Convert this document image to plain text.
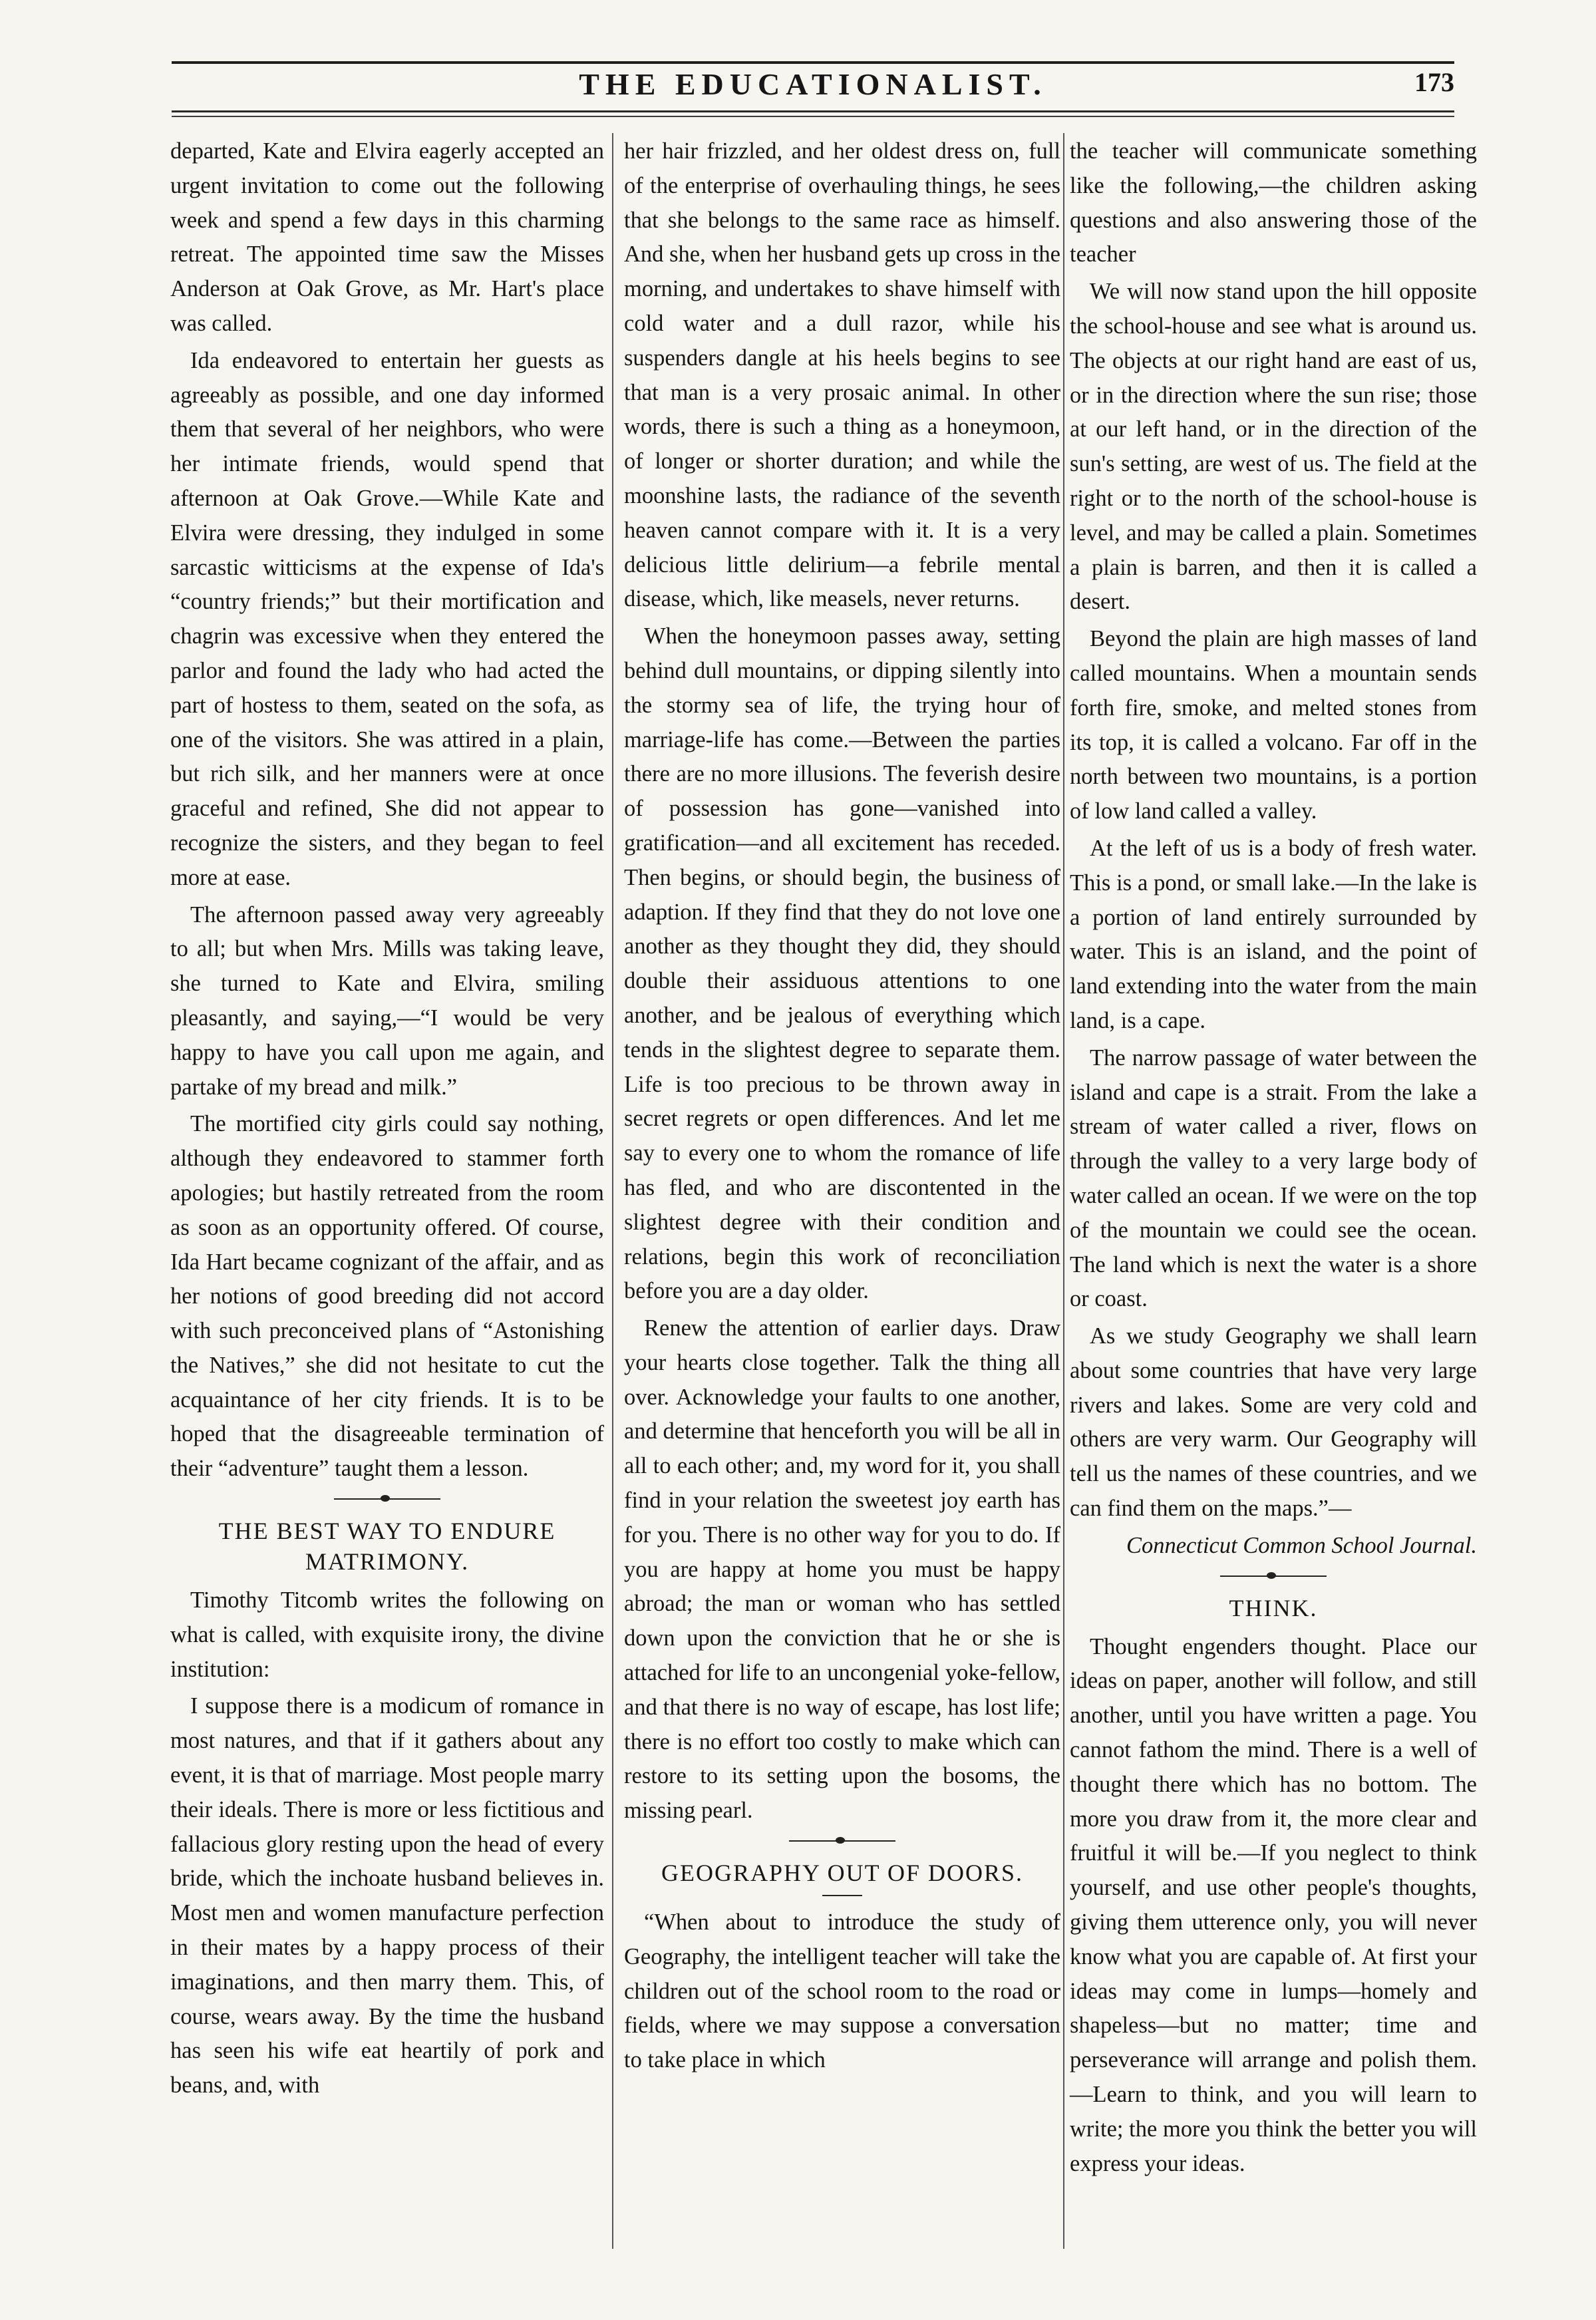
THE EDUCATIONALIST.	173

departed, Kate and Elvira eagerly accepted an urgent invitation to come out the following week and spend a few days in this charming retreat. The appointed time saw the Misses Anderson at Oak Grove, as Mr. Hart's place was called.

Ida endeavored to entertain her guests as agreeably as possible, and one day informed them that several of her neighbors, who were her intimate friends, would spend that afternoon at Oak Grove.—While Kate and Elvira were dressing, they indulged in some sarcastic witticisms at the expense of Ida's “country friends;” but their mortification and chagrin was excessive when they entered the parlor and found the lady who had acted the part of hostess to them, seated on the sofa, as one of the visitors. She was attired in a plain, but rich silk, and her manners were at once graceful and refined, She did not appear to recognize the sisters, and they began to feel more at ease.

The afternoon passed away very agreeably to all; but when Mrs. Mills was taking leave, she turned to Kate and Elvira, smiling pleasantly, and saying,—“I would be very happy to have you call upon me again, and partake of my bread and milk.”

The mortified city girls could say nothing, although they endeavored to stammer forth apologies; but hastily retreated from the room as soon as an opportunity offered. Of course, Ida Hart became cognizant of the affair, and as her notions of good breeding did not accord with such preconceived plans of “Astonishing the Natives,” she did not hesitate to cut the acquaintance of her city friends. It is to be hoped that the disagreeable termination of their “adventure” taught them a lesson.

THE BEST WAY TO ENDURE MATRIMONY.

Timothy Titcomb writes the following on what is called, with exquisite irony, the divine institution:

I suppose there is a modicum of romance in most natures, and that if it gathers about any event, it is that of marriage. Most people marry their ideals. There is more or less fictitious and fallacious glory resting upon the head of every bride, which the inchoate husband believes in. Most men and women manufacture perfection in their mates by a happy process of their imaginations, and then marry them. This, of course, wears away. By the time the husband has seen his wife eat heartily of pork and beans, and, with

her hair frizzled, and her oldest dress on, full of the enterprise of overhauling things, he sees that she belongs to the same race as himself. And she, when her husband gets up cross in the morning, and undertakes to shave himself with cold water and a dull razor, while his suspenders dangle at his heels begins to see that man is a very prosaic animal. In other words, there is such a thing as a honeymoon, of longer or shorter duration; and while the moonshine lasts, the radiance of the seventh heaven cannot compare with it. It is a very delicious little delirium—a febrile mental disease, which, like measels, never returns.

When the honeymoon passes away, setting behind dull mountains, or dipping silently into the stormy sea of life, the trying hour of marriage-life has come.—Between the parties there are no more illusions. The feverish desire of possession has gone—vanished into gratification—and all excitement has receded. Then begins, or should begin, the business of adaption. If they find that they do not love one another as they thought they did, they should double their assiduous attentions to one another, and be jealous of everything which tends in the slightest degree to separate them. Life is too precious to be thrown away in secret regrets or open differences. And let me say to every one to whom the romance of life has fled, and who are discontented in the slightest degree with their condition and relations, begin this work of reconciliation before you are a day older.

Renew the attention of earlier days. Draw your hearts close together. Talk the thing all over. Acknowledge your faults to one another, and determine that henceforth you will be all in all to each other; and, my word for it, you shall find in your relation the sweetest joy earth has for you. There is no other way for you to do. If you are happy at home you must be happy abroad; the man or woman who has settled down upon the conviction that he or she is attached for life to an uncongenial yoke-fellow, and that there is no way of escape, has lost life; there is no effort too costly to make which can restore to its setting upon the bosoms, the missing pearl.

GEOGRAPHY OUT OF DOORS.

“When about to introduce the study of Geography, the intelligent teacher will take the children out of the school room to the road or fields, where we may suppose a conversation to take place in which

the teacher will communicate something like the following,—the children asking questions and also answering those of the teacher

We will now stand upon the hill opposite the school-house and see what is around us. The objects at our right hand are east of us, or in the direction where the sun rise; those at our left hand, or in the direction of the sun's setting, are west of us. The field at the right or to the north of the school-house is level, and may be called a plain. Sometimes a plain is barren, and then it is called a desert.

Beyond the plain are high masses of land called mountains. When a mountain sends forth fire, smoke, and melted stones from its top, it is called a volcano. Far off in the north between two mountains, is a portion of low land called a valley.

At the left of us is a body of fresh water. This is a pond, or small lake.—In the lake is a portion of land entirely surrounded by water. This is an island, and the point of land extending into the water from the main land, is a cape.

The narrow passage of water between the island and cape is a strait. From the lake a stream of water called a river, flows on through the valley to a very large body of water called an ocean. If we were on the top of the mountain we could see the ocean. The land which is next the water is a shore or coast.

As we study Geography we shall learn about some countries that have very large rivers and lakes. Some are very cold and others are very warm. Our Geography will tell us the names of these countries, and we can find them on the maps.”—

Connecticut Common School Journal.

THINK.

Thought engenders thought. Place our ideas on paper, another will follow, and still another, until you have written a page. You cannot fathom the mind. There is a well of thought there which has no bottom. The more you draw from it, the more clear and fruitful it will be.—If you neglect to think yourself, and use other people's thoughts, giving them utterence only, you will never know what you are capable of. At first your ideas may come in lumps—homely and shapeless—but no matter; time and perseverance will arrange and polish them.—Learn to think, and you will learn to write; the more you think the better you will express your ideas.
